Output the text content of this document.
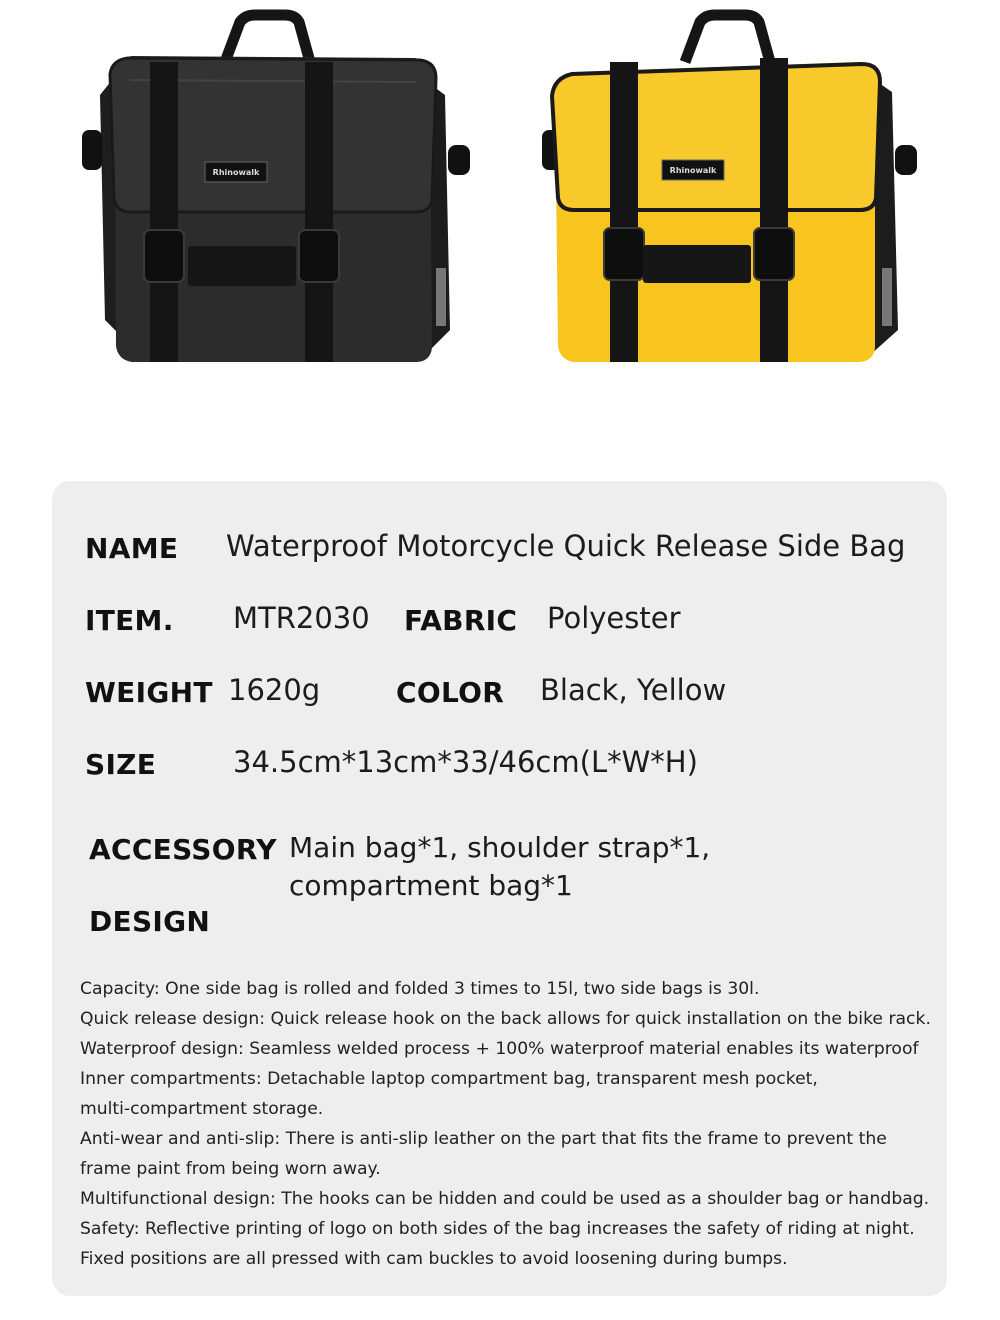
Rhinowalk	Rhinowalk
NAME Waterproof Motorcycle Quick Release Side Bag
ITEM. MTR2030 FABRIC Polyester
WEIGHT 1620g	COLOR Black, Yellow
SIZE	34.5cm*13cm*33/46cm(L*W*H)
ACCESSORY Main bag*1, shoulder strap*1,
compartment bag*1
DESIGN
Capacity: One side bag is rolled and folded 3 times to 15l, two side bags is 30l.
Quick release design: Quick release hook on the back allows for quick installation on the bike rack.
Waterproof design: Seamless welded process + 100% waterproof material enables its waterproof
Inner compartments: Detachable laptop compartment bag, transparent mesh pocket,
multi-compartment storage.
Anti-wear and anti-slip: There is anti-slip leather on the part that fits the frame to prevent the
frame paint from being worn away.
Multifunctional design: The hooks can be hidden and could be used as a shoulder bag or handbag.
Safety: Reflective printing of logo on both sides of the bag increases the safety of riding at night.
Fixed positions are all pressed with cam buckles to avoid loosening during bumps.
